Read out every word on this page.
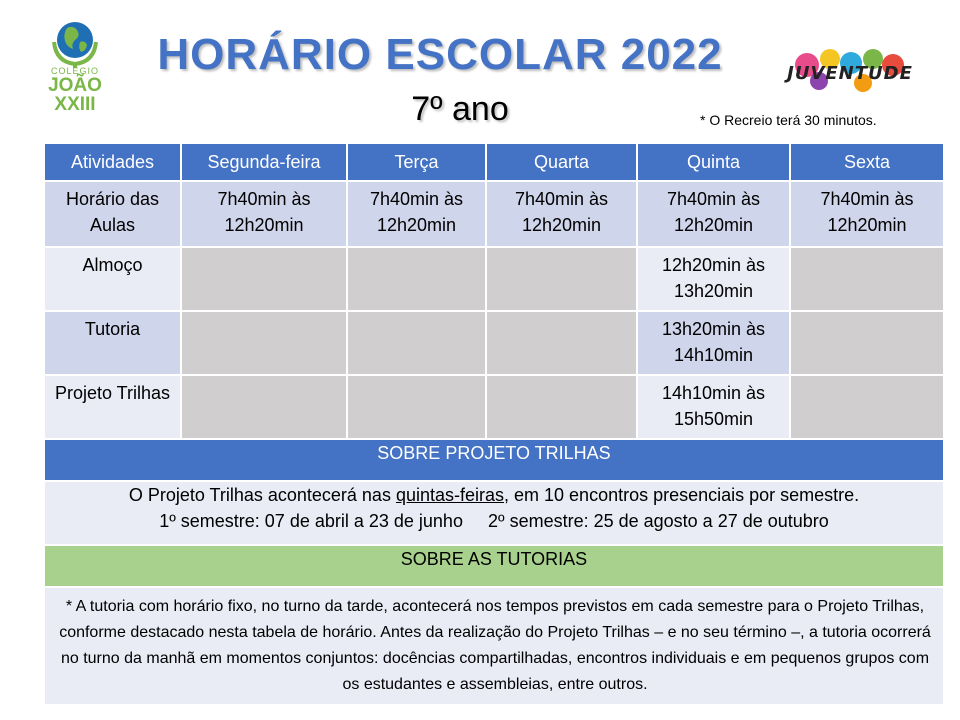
COLÉGIO
JOÃO
XXIII
HORÁRIO ESCOLAR 2022
7º ano	* O Recreio terá 30 minutos.
JUVENTUDE
Atividades	Segunda-feira	Terça	Quarta	Quinta	Sexta
Horário das Aulas	7h40min às 12h20min	7h40min às 12h20min	7h40min às 12h20min	7h40min às 12h20min	7h40min às 12h20min
Almoço				12h20min às 13h20min	
Tutoria				13h20min às 14h10min	
Projeto Trilhas				14h10min às 15h50min	
SOBRE PROJETO TRILHAS					
O Projeto Trilhas acontecerá nas quintas-feiras, em 10 encontros presenciais por semestre.
1º semestre: 07 de abril a 23 de junho 2º semestre: 25 de agosto a 27 de outubro					
SOBRE AS TUTORIAS					
* A tutoria com horário fixo, no turno da tarde, acontecerá nos tempos previstos em cada semestre para o Projeto Trilhas, conforme destacado nesta tabela de horário. Antes da realização do Projeto Trilhas – e no seu término –, a tutoria ocorrerá no turno da manhã em momentos conjuntos: docências compartilhadas, encontros individuais e em pequenos grupos com os estudantes e assembleias, entre outros.					
